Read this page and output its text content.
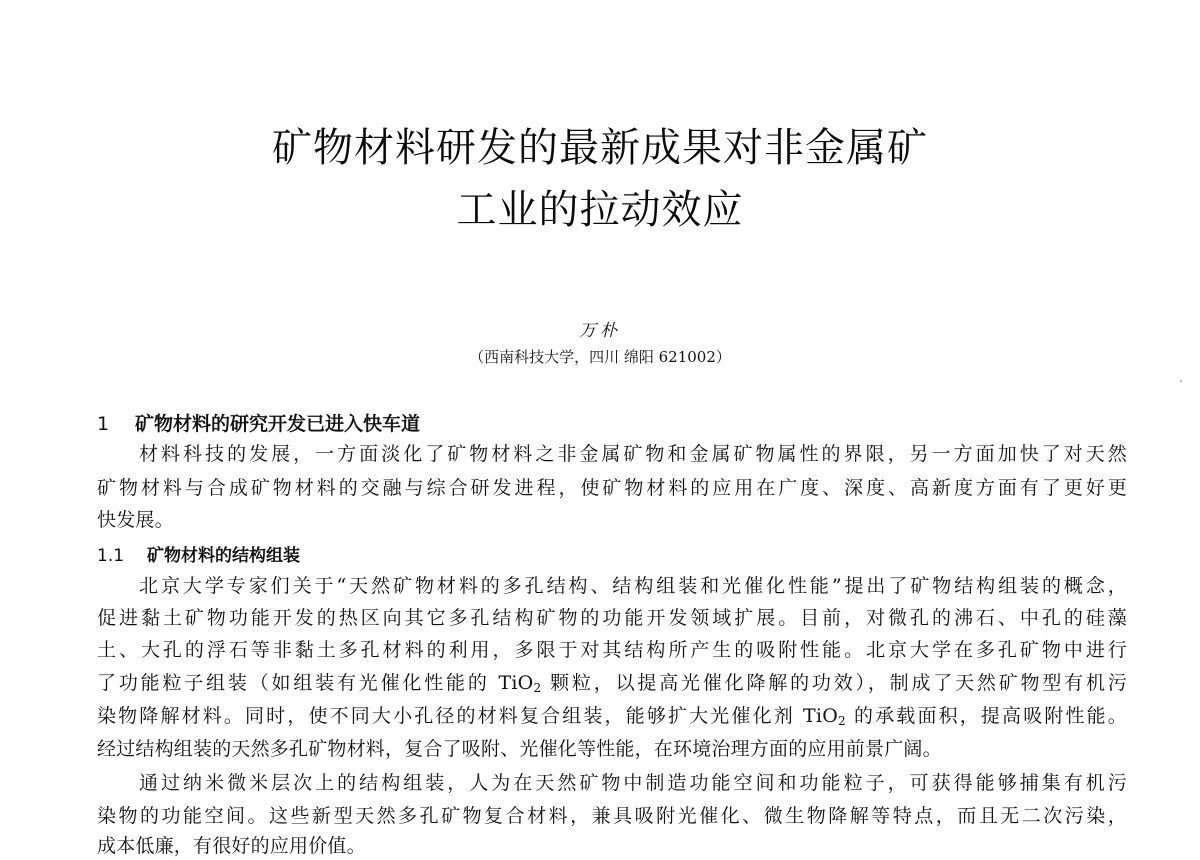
矿物材料研发的最新成果对非金属矿
工业的拉动效应
万朴
（西南科技大学，四川 绵阳 621002）
1 矿物材料的研究开发已进入快车道
材料科技的发展，一方面淡化了矿物材料之非金属矿物和金属矿物属性的界限，另一方面加快了对天然
矿物材料与合成矿物材料的交融与综合研发进程，使矿物材料的应用在广度、深度、高新度方面有了更好更
快发展。
1.1 矿物材料的结构组装
北京大学专家们关于“天然矿物材料的多孔结构、结构组装和光催化性能”提出了矿物结构组装的概念，
促进黏土矿物功能开发的热区向其它多孔结构矿物的功能开发领域扩展。目前，对微孔的沸石、中孔的硅藻
土、大孔的浮石等非黏土多孔材料的利用，多限于对其结构所产生的吸附性能。北京大学在多孔矿物中进行
了功能粒子组装（如组装有光催化性能的 TiO$_2$ 颗粒，以提高光催化降解的功效），制成了天然矿物型有机污
染物降解材料。同时，使不同大小孔径的材料复合组装，能够扩大光催化剂 TiO$_2$ 的承载面积，提高吸附性能。
经过结构组装的天然多孔矿物材料，复合了吸附、光催化等性能，在环境治理方面的应用前景广阔。
通过纳米微米层次上的结构组装，人为在天然矿物中制造功能空间和功能粒子，可获得能够捕集有机污
染物的功能空间。这些新型天然多孔矿物复合材料，兼具吸附光催化、微生物降解等特点，而且无二次污染，
成本低廉，有很好的应用价值。
